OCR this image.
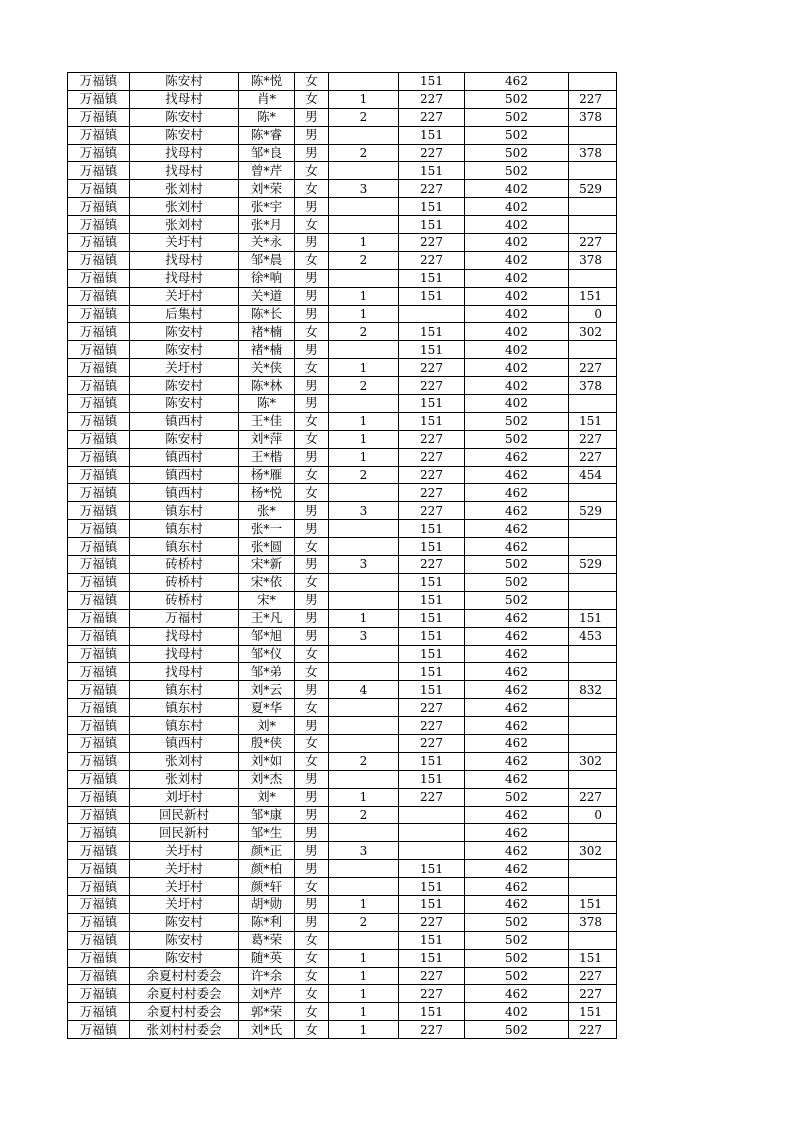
万福镇	陈安村	陈*悦	女		151	462	
万福镇	找母村	肖*	女	1	227	502	227
万福镇	陈安村	陈*	男	2	227	502	378
万福镇	陈安村	陈*睿	男		151	502	
万福镇	找母村	邹*良	男	2	227	502	378
万福镇	找母村	曾*芹	女		151	502	
万福镇	张刘村	刘*荣	女	3	227	402	529
万福镇	张刘村	张*宇	男		151	402	
万福镇	张刘村	张*月	女		151	402	
万福镇	关圩村	关*永	男	1	227	402	227
万福镇	找母村	邹*晨	女	2	227	402	378
万福镇	找母村	徐*响	男		151	402	
万福镇	关圩村	关*道	男	1	151	402	151
万福镇	后集村	陈*长	男	1		402	0
万福镇	陈安村	褚*楠	女	2	151	402	302
万福镇	陈安村	褚*楠	男		151	402	
万福镇	关圩村	关*侠	女	1	227	402	227
万福镇	陈安村	陈*林	男	2	227	402	378
万福镇	陈安村	陈*	男		151	402	
万福镇	镇西村	王*佳	女	1	151	502	151
万福镇	陈安村	刘*萍	女	1	227	502	227
万福镇	镇西村	王*楷	男	1	227	462	227
万福镇	镇西村	杨*雁	女	2	227	462	454
万福镇	镇西村	杨*悦	女		227	462	
万福镇	镇东村	张*	男	3	227	462	529
万福镇	镇东村	张*一	男		151	462	
万福镇	镇东村	张*圆	女		151	462	
万福镇	砖桥村	宋*新	男	3	227	502	529
万福镇	砖桥村	宋*依	女		151	502	
万福镇	砖桥村	宋*	男		151	502	
万福镇	万福村	王*凡	男	1	151	462	151
万福镇	找母村	邹*旭	男	3	151	462	453
万福镇	找母村	邹*仪	女		151	462	
万福镇	找母村	邹*弟	女		151	462	
万福镇	镇东村	刘*云	男	4	151	462	832
万福镇	镇东村	夏*华	女		227	462	
万福镇	镇东村	刘*	男		227	462	
万福镇	镇西村	殷*侠	女		227	462	
万福镇	张刘村	刘*如	女	2	151	462	302
万福镇	张刘村	刘*杰	男		151	462	
万福镇	刘圩村	刘*	男	1	227	502	227
万福镇	回民新村	邹*康	男	2		462	0
万福镇	回民新村	邹*生	男			462	
万福镇	关圩村	颜*正	男	3		462	302
万福镇	关圩村	颜*柏	男		151	462	
万福镇	关圩村	颜*轩	女		151	462	
万福镇	关圩村	胡*勋	男	1	151	462	151
万福镇	陈安村	陈*利	男	2	227	502	378
万福镇	陈安村	葛*荣	女		151	502	
万福镇	陈安村	随*英	女	1	151	502	151
万福镇	余夏村村委会	许*余	女	1	227	502	227
万福镇	余夏村村委会	刘*芹	女	1	227	462	227
万福镇	余夏村村委会	郭*荣	女	1	151	402	151
万福镇	张刘村村委会	刘*氏	女	1	227	502	227
